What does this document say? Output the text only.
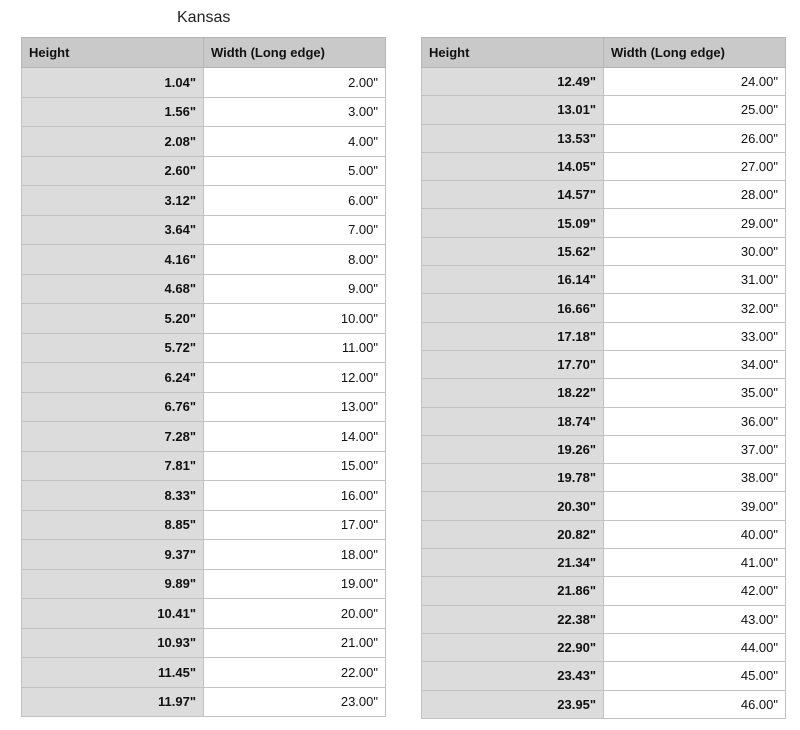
Kansas
Height	Width (Long edge)
1.04"	2.00"
1.56"	3.00"
2.08"	4.00"
2.60"	5.00"
3.12"	6.00"
3.64"	7.00"
4.16"	8.00"
4.68"	9.00"
5.20"	10.00"
5.72"	11.00"
6.24"	12.00"
6.76"	13.00"
7.28"	14.00"
7.81"	15.00"
8.33"	16.00"
8.85"	17.00"
9.37"	18.00"
9.89"	19.00"
10.41"	20.00"
10.93"	21.00"
11.45"	22.00"
11.97"	23.00"
Height	Width (Long edge)
12.49"	24.00"
13.01"	25.00"
13.53"	26.00"
14.05"	27.00"
14.57"	28.00"
15.09"	29.00"
15.62"	30.00"
16.14"	31.00"
16.66"	32.00"
17.18"	33.00"
17.70"	34.00"
18.22"	35.00"
18.74"	36.00"
19.26"	37.00"
19.78"	38.00"
20.30"	39.00"
20.82"	40.00"
21.34"	41.00"
21.86"	42.00"
22.38"	43.00"
22.90"	44.00"
23.43"	45.00"
23.95"	46.00"
